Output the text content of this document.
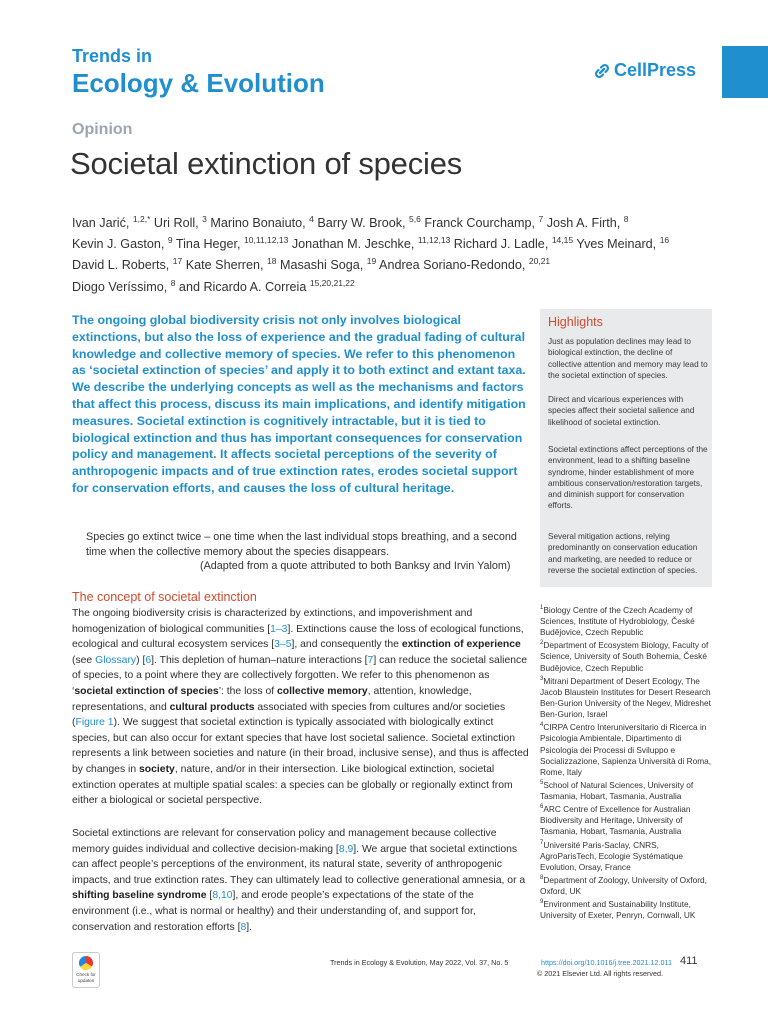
Trends in
Ecology & Evolution	CellPress
Opinion
Societal extinction of species
Ivan Jarić, $^{1,2,*}$ Uri Roll, $^3$ Marino Bonaiuto, $^4$ Barry W. Brook, $^{5,6}$ Franck Courchamp, $^7$ Josh A. Firth, $^8$
Kevin J. Gaston, $^9$ Tina Heger, $^{10,11,12,13}$ Jonathan M. Jeschke, $^{11,12,13}$ Richard J. Ladle, $^{14,15}$ Yves Meinard, $^{16}$
David L. Roberts, $^{17}$ Kate Sherren, $^{18}$ Masashi Soga, $^{19}$ Andrea Soriano-Redondo, $^{20,21}$
Diogo Veríssimo, $^8$ and Ricardo A. Correia $^{15,20,21,22}$
The ongoing global biodiversity crisis not only involves biological extinctions, but also the loss of experience and the gradual fading of cultural knowledge and collective memory of species. We refer to this phenomenon as ‘societal extinction of species’ and apply it to both extinct and extant taxa. We describe the underlying concepts as well as the mechanisms and factors that affect this process, discuss its main implications, and identify mitigation measures. Societal extinction is cognitively intractable, but it is tied to biological extinction and thus has important consequences for conservation policy and management. It affects societal perceptions of the severity of anthropogenic impacts and of true extinction rates, erodes societal support for conservation efforts, and causes the loss of cultural heritage.
Highlights
Just as population declines may lead to biological extinction, the decline of collective attention and memory may lead to the societal extinction of species.
Direct and vicarious experiences with species affect their societal salience and likelihood of societal extinction.
Societal extinctions affect perceptions of the environment, lead to a shifting baseline syndrome, hinder establishment of more ambitious conservation/restoration targets, and diminish support for conservation efforts.
Several mitigation actions, relying predominantly on conservation education and marketing, are needed to reduce or reverse the societal extinction of species.
Species go extinct twice – one time when the last individual stops breathing, and a second time when the collective memory about the species disappears.
(Adapted from a quote attributed to both Banksy and Irvin Yalom)
The concept of societal extinction
The ongoing biodiversity crisis is characterized by extinctions, and impoverishment and homogenization of biological communities [1–3]. Extinctions cause the loss of ecological functions, ecological and cultural ecosystem services [3–5], and consequently the extinction of experience (see Glossary) [6]. This depletion of human–nature interactions [7] can reduce the societal salience of species, to a point where they are collectively forgotten. We refer to this phenomenon as ‘societal extinction of species’: the loss of collective memory, attention, knowledge, representations, and cultural products associated with species from cultures and/or societies (Figure 1). We suggest that societal extinction is typically associated with biologically extinct species, but can also occur for extant species that have lost societal salience. Societal extinction represents a link between societies and nature (in their broad, inclusive sense), and thus is affected by changes in society, nature, and/or in their intersection. Like biological extinction, societal extinction operates at multiple spatial scales: a species can be globally or regionally extinct from either a biological or societal perspective.
Societal extinctions are relevant for conservation policy and management because collective memory guides individual and collective decision-making [8,9]. We argue that societal extinctions can affect people’s perceptions of the environment, its natural state, severity of anthropogenic impacts, and true extinction rates. They can ultimately lead to collective generational amnesia, or a shifting baseline syndrome [8,10], and erode people’s expectations of the state of the environment (i.e., what is normal or healthy) and their understanding of, and support for, conservation and restoration efforts [8].
$^1$Biology Centre of the Czech Academy of Sciences, Institute of Hydrobiology, České Budějovice, Czech Republic
$^2$Department of Ecosystem Biology, Faculty of Science, University of South Bohemia, České Budějovice, Czech Republic
$^3$Mitrani Department of Desert Ecology, The Jacob Blaustein Institutes for Desert Research Ben-Gurion University of the Negev, Midreshet Ben-Gurion, Israel
$^4$CIRPA Centro Interuniversitario di Ricerca in Psicologia Ambientale, Dipartimento di Psicologia dei Processi di Sviluppo e Socializzazione, Sapienza Università di Roma, Rome, Italy
$^5$School of Natural Sciences, University of Tasmania, Hobart, Tasmania, Australia
$^6$ARC Centre of Excellence for Australian Biodiversity and Heritage, University of Tasmania, Hobart, Tasmania, Australia
$^7$Université Paris-Saclay, CNRS, AgroParisTech, Ecologie Systématique Evolution, Orsay, France
$^8$Department of Zoology, University of Oxford, Oxford, UK
$^9$Environment and Sustainability Institute, University of Exeter, Penryn, Cornwall, UK
Check for updates
Trends in Ecology & Evolution, May 2022, Vol. 37, No. 5	https://doi.org/10.1016/j.tree.2021.12.011 411
© 2021 Elsevier Ltd. All rights reserved.
